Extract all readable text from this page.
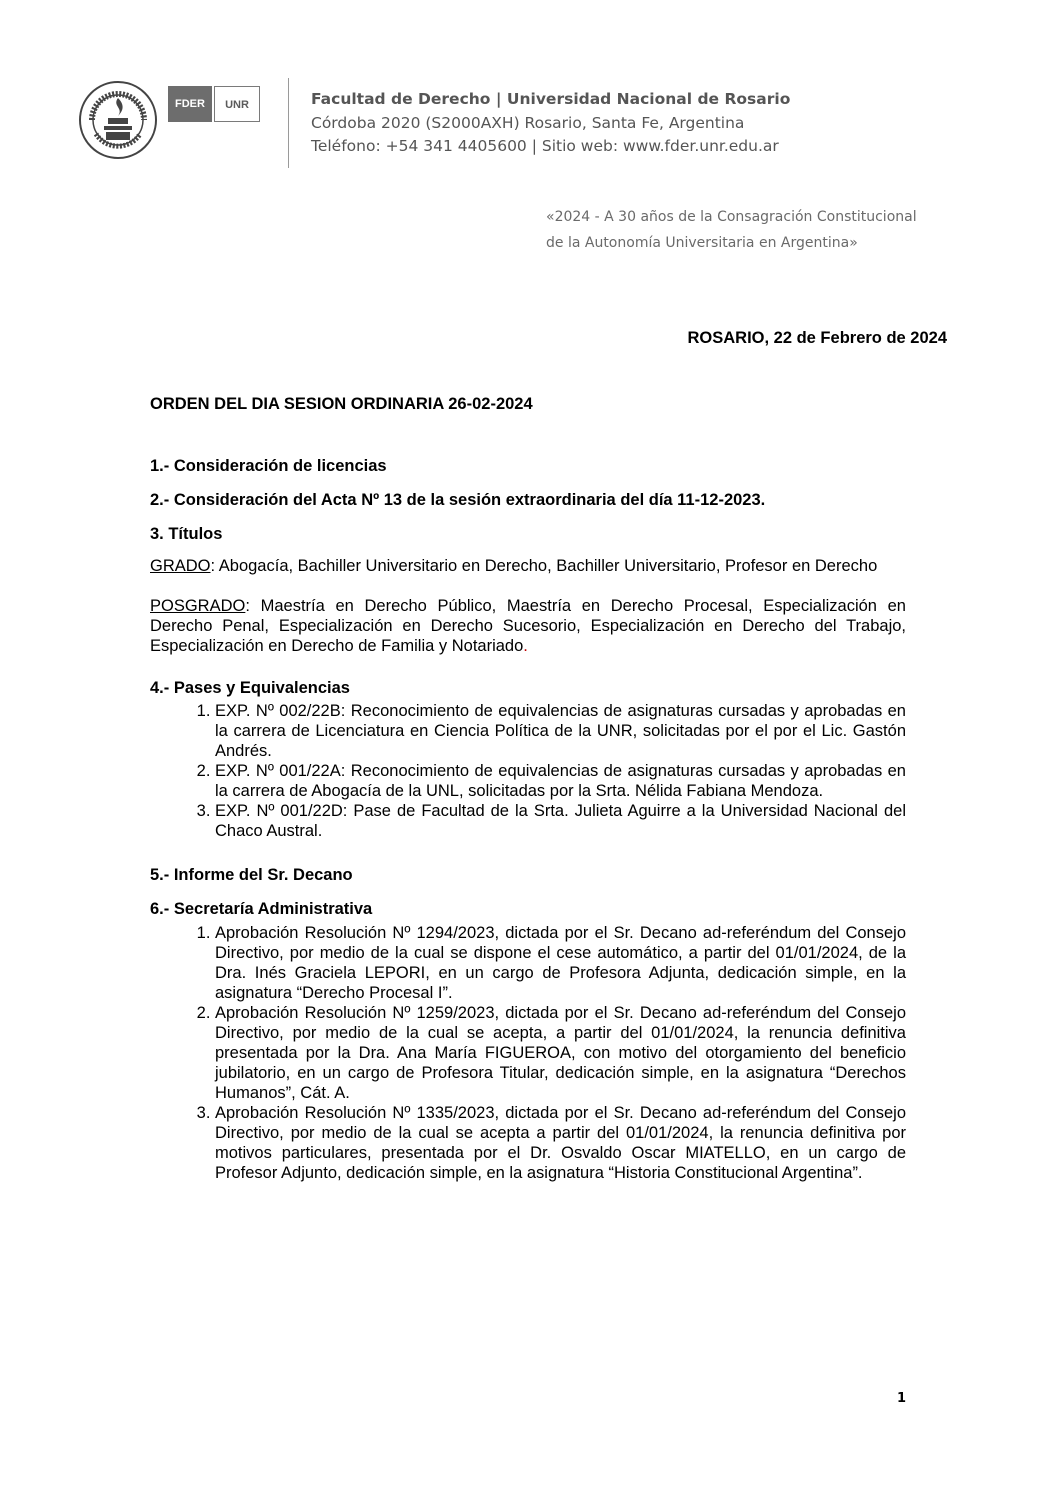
FDER	UNR	Facultad de Derecho | Universidad Nacional de Rosario
Córdoba 2020 (S2000AXH) Rosario, Santa Fe, Argentina
Teléfono: +54 341 4405600 | Sitio web: www.fder.unr.edu.ar
«2024 - A 30 años de la Consagración Constitucional
de la Autonomía Universitaria en Argentina»
ROSARIO, 22 de Febrero de 2024

ORDEN DEL DIA SESION ORDINARIA 26-02-2024

1.- Consideración de licencias

2.- Consideración del Acta Nº 13 de la sesión extraordinaria del día 11-12-2023.

3. Títulos

GRADO: Abogacía, Bachiller Universitario en Derecho, Bachiller Universitario, Profesor en Derecho

POSGRADO: Maestría en Derecho Público, Maestría en Derecho Procesal, Especialización en Derecho Penal, Especialización en Derecho Sucesorio, Especialización en Derecho del Trabajo, Especialización en Derecho de Familia y Notariado.

4.- Pases y Equivalencias

1. EXP. Nº 002/22B: Reconocimiento de equivalencias de asignaturas cursadas y aprobadas en la carrera de Licenciatura en Ciencia Política de la UNR, solicitadas por el por el Lic. Gastón Andrés.
2. EXP. Nº 001/22A: Reconocimiento de equivalencias de asignaturas cursadas y aprobadas en la carrera de Abogacía de la UNL, solicitadas por la Srta. Nélida Fabiana Mendoza.
3. EXP. Nº 001/22D: Pase de Facultad de la Srta. Julieta Aguirre a la Universidad Nacional del Chaco Austral.

5.- Informe del Sr. Decano

6.- Secretaría Administrativa

1. Aprobación Resolución Nº 1294/2023, dictada por el Sr. Decano ad-referéndum del Consejo Directivo, por medio de la cual se dispone el cese automático, a partir del 01/01/2024, de la Dra. Inés Graciela LEPORI, en un cargo de Profesora Adjunta, dedicación simple, en la asignatura “Derecho Procesal I”.
2. Aprobación Resolución Nº 1259/2023, dictada por el Sr. Decano ad-referéndum del Consejo Directivo, por medio de la cual se acepta, a partir del 01/01/2024, la renuncia definitiva presentada por la Dra. Ana María FIGUEROA, con motivo del otorgamiento del beneficio jubilatorio, en un cargo de Profesora Titular, dedicación simple, en la asignatura “Derechos Humanos”, Cát. A.
3. Aprobación Resolución Nº 1335/2023, dictada por el Sr. Decano ad-referéndum del Consejo Directivo, por medio de la cual se acepta a partir del 01/01/2024, la renuncia definitiva por motivos particulares, presentada por el Dr. Osvaldo Oscar MIATELLO, en un cargo de Profesor Adjunto, dedicación simple, en la asignatura “Historia Constitucional Argentina”.
1
